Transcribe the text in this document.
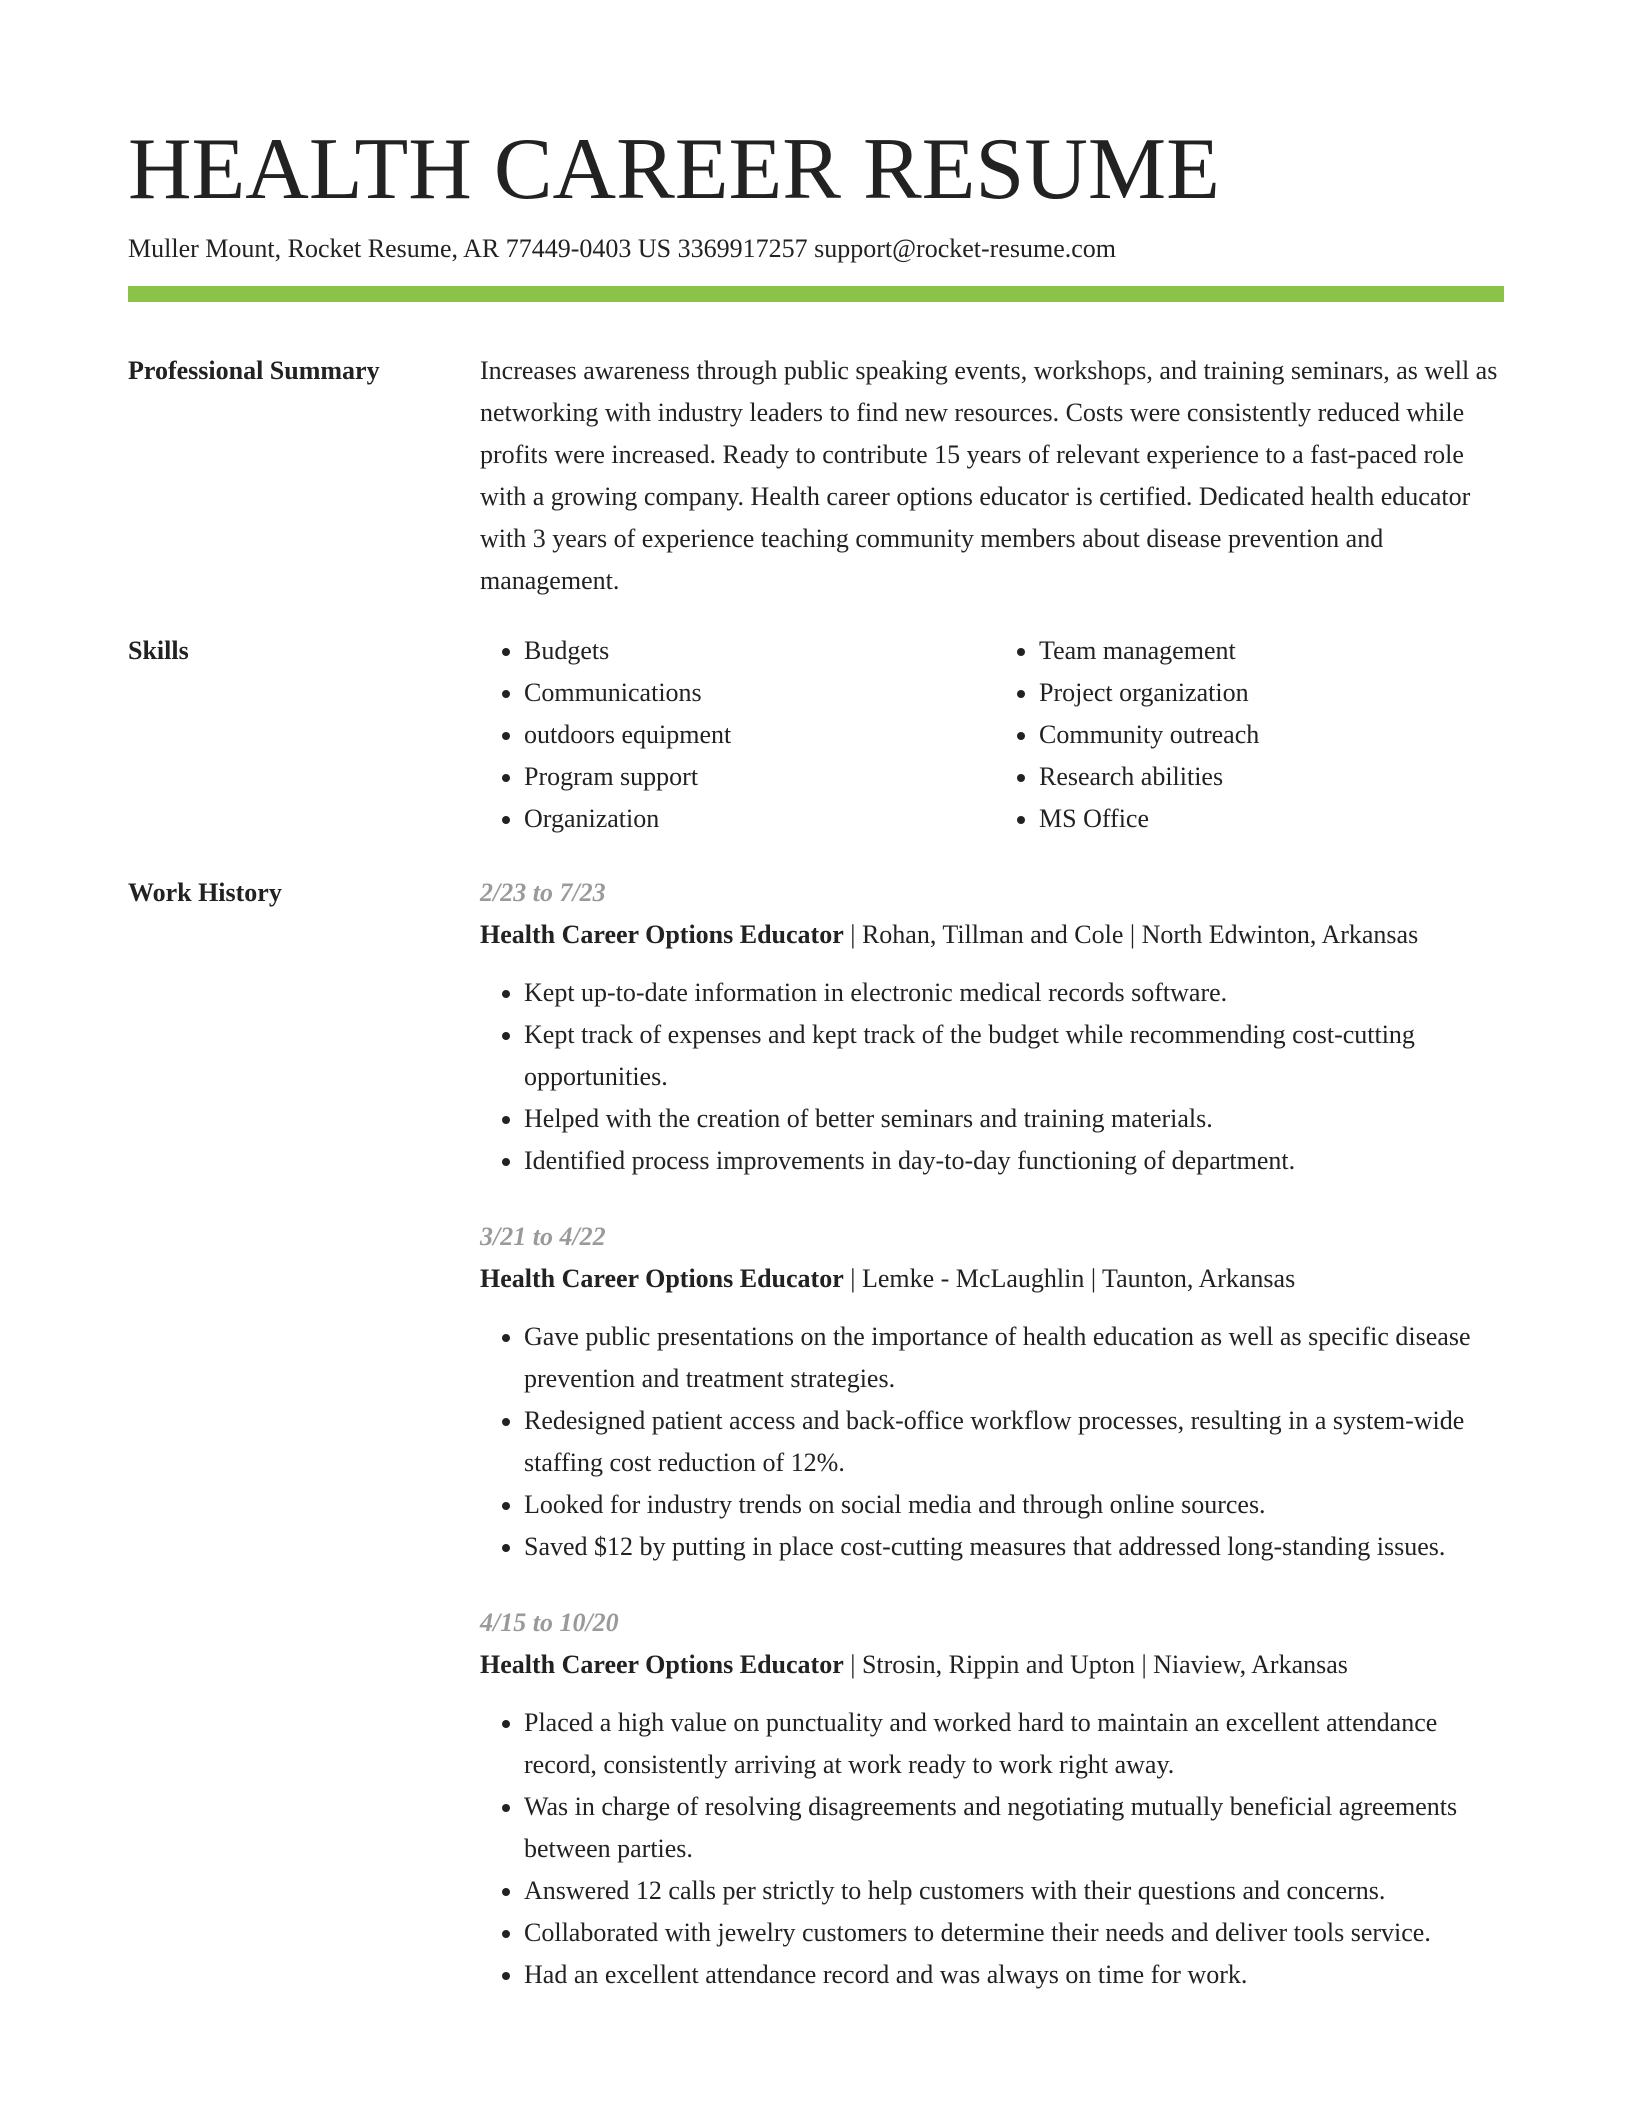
HEALTH CAREER RESUME
Muller Mount, Rocket Resume, AR 77449-0403 US 3369917257 support@rocket-resume.com
Professional Summary	Increases awareness through public speaking events, workshops, and training seminars, as well as networking with industry leaders to find new resources. Costs were consistently reduced while profits were increased. Ready to contribute 15 years of relevant experience to a fast-paced role with a growing company. Health career options educator is certified. Dedicated health educator with 3 years of experience teaching community members about disease prevention and management.

Skills
•	Budgets
• Communications
• outdoors equipment
• Program support
• Organization
• Team management
• Project organization
• Community outreach
• Research abilities
• MS Office
Work History	2/23 to 7/23
Health Career Options Educator | Rohan, Tillman and Cole | North Edwinton, Arkansas
• Kept up-to-date information in electronic medical records software.
• Kept track of expenses and kept track of the budget while recommending cost-cutting opportunities.
• Helped with the creation of better seminars and training materials.
• Identified process improvements in day-to-day functioning of department.
3/21 to 4/22
Health Career Options Educator | Lemke - McLaughlin | Taunton, Arkansas
• Gave public presentations on the importance of health education as well as specific disease prevention and treatment strategies.
• Redesigned patient access and back-office workflow processes, resulting in a system-wide staffing cost reduction of 12%.
• Looked for industry trends on social media and through online sources.
• Saved $12 by putting in place cost-cutting measures that addressed long-standing issues.
4/15 to 10/20
Health Career Options Educator | Strosin, Rippin and Upton | Niaview, Arkansas
• Placed a high value on punctuality and worked hard to maintain an excellent attendance record, consistently arriving at work ready to work right away.
• Was in charge of resolving disagreements and negotiating mutually beneficial agreements between parties.
• Answered 12 calls per strictly to help customers with their questions and concerns.
• Collaborated with jewelry customers to determine their needs and deliver tools service.
• Had an excellent attendance record and was always on time for work.
